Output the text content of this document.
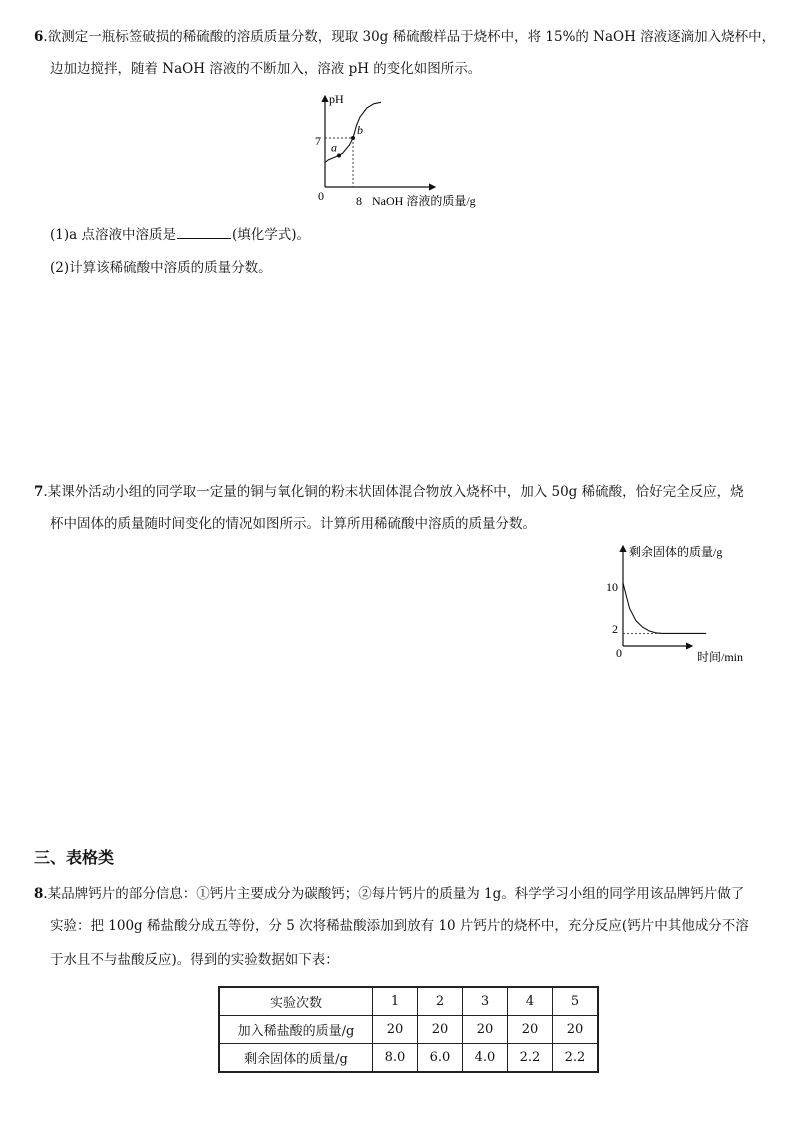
6.欲测定一瓶标签破损的稀硫酸的溶质质量分数，现取 30g 稀硫酸样品于烧杯中，将 15%的 NaOH 溶液逐滴加入烧杯中，
边加边搅拌，随着 NaOH 溶液的不断加入，溶液 pH 的变化如图所示。
pH
NaOH 溶液的质量/g
0
7
8
a
b
(1)a 点溶液中溶质是	(填化学式)。
(2)计算该稀硫酸中溶质的质量分数。
7.某课外活动小组的同学取一定量的铜与氧化铜的粉末状固体混合物放入烧杯中，加入 50g 稀硫酸，恰好完全反应，烧
杯中固体的质量随时间变化的情况如图所示。计算所用稀硫酸中溶质的质量分数。
剩余固体的质量/g
时间/min
0
10
2
三、表格类
8.某品牌钙片的部分信息：①钙片主要成分为碳酸钙；②每片钙片的质量为 1g。科学学习小组的同学用该品牌钙片做了
实验：把 100g 稀盐酸分成五等份，分 5 次将稀盐酸添加到放有 10 片钙片的烧杯中，充分反应(钙片中其他成分不溶
于水且不与盐酸反应)。得到的实验数据如下表：
实验次数	1	2	3	4	5
加入稀盐酸的质量/g	20	20	20	20	20
剩余固体的质量/g	8.0	6.0	4.0	2.2	2.2
